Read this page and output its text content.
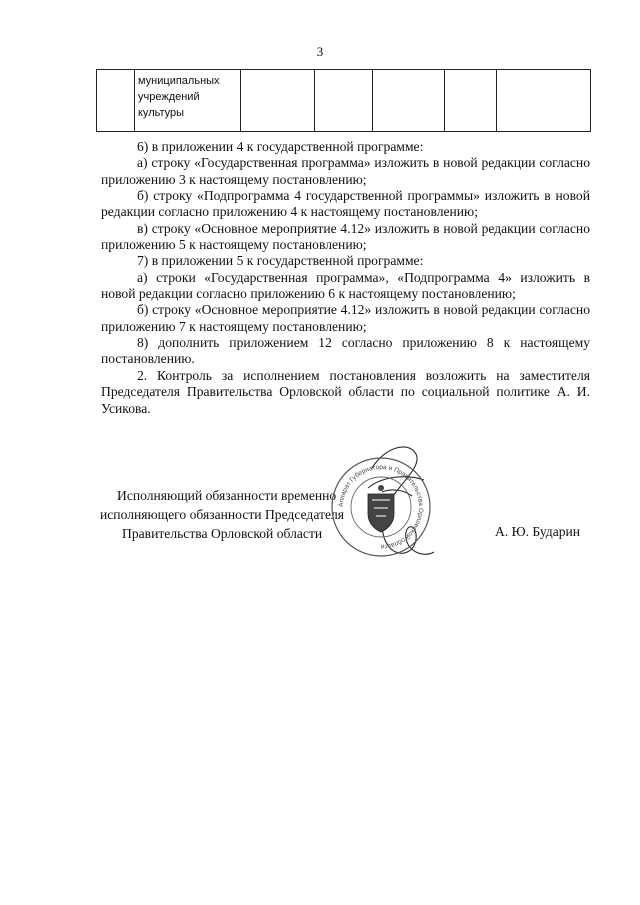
3

муниципальных
учреждений
культуры

6) в приложении 4 к государственной программе:

а) строку «Государственная программа» изложить в новой редакции согласно приложению 3 к настоящему постановлению;

б) строку «Подпрограмма 4 государственной программы» изложить в новой редакции согласно приложению 4 к настоящему постановлению;

в) строку «Основное мероприятие 4.12» изложить в новой редакции согласно приложению 5 к настоящему постановлению;

7) в приложении 5 к государственной программе:

а) строки «Государственная программа», «Подпрограмма 4» изложить в новой редакции согласно приложению 6 к настоящему постановлению;

б) строку «Основное мероприятие 4.12» изложить в новой редакции согласно приложению 7 к настоящему постановлению;

8) дополнить приложением 12 согласно приложению 8 к настоящему постановлению.

2. Контроль за исполнением постановления возложить на заместителя Председателя Правительства Орловской области по социальной политике А. И. Усикова.

Исполняющий обязанности временно
исполняющего обязанности Председателя
Правительства Орловской области
Аппарат Губернатора и Правительства Орловской области
А. Ю. Бударин
